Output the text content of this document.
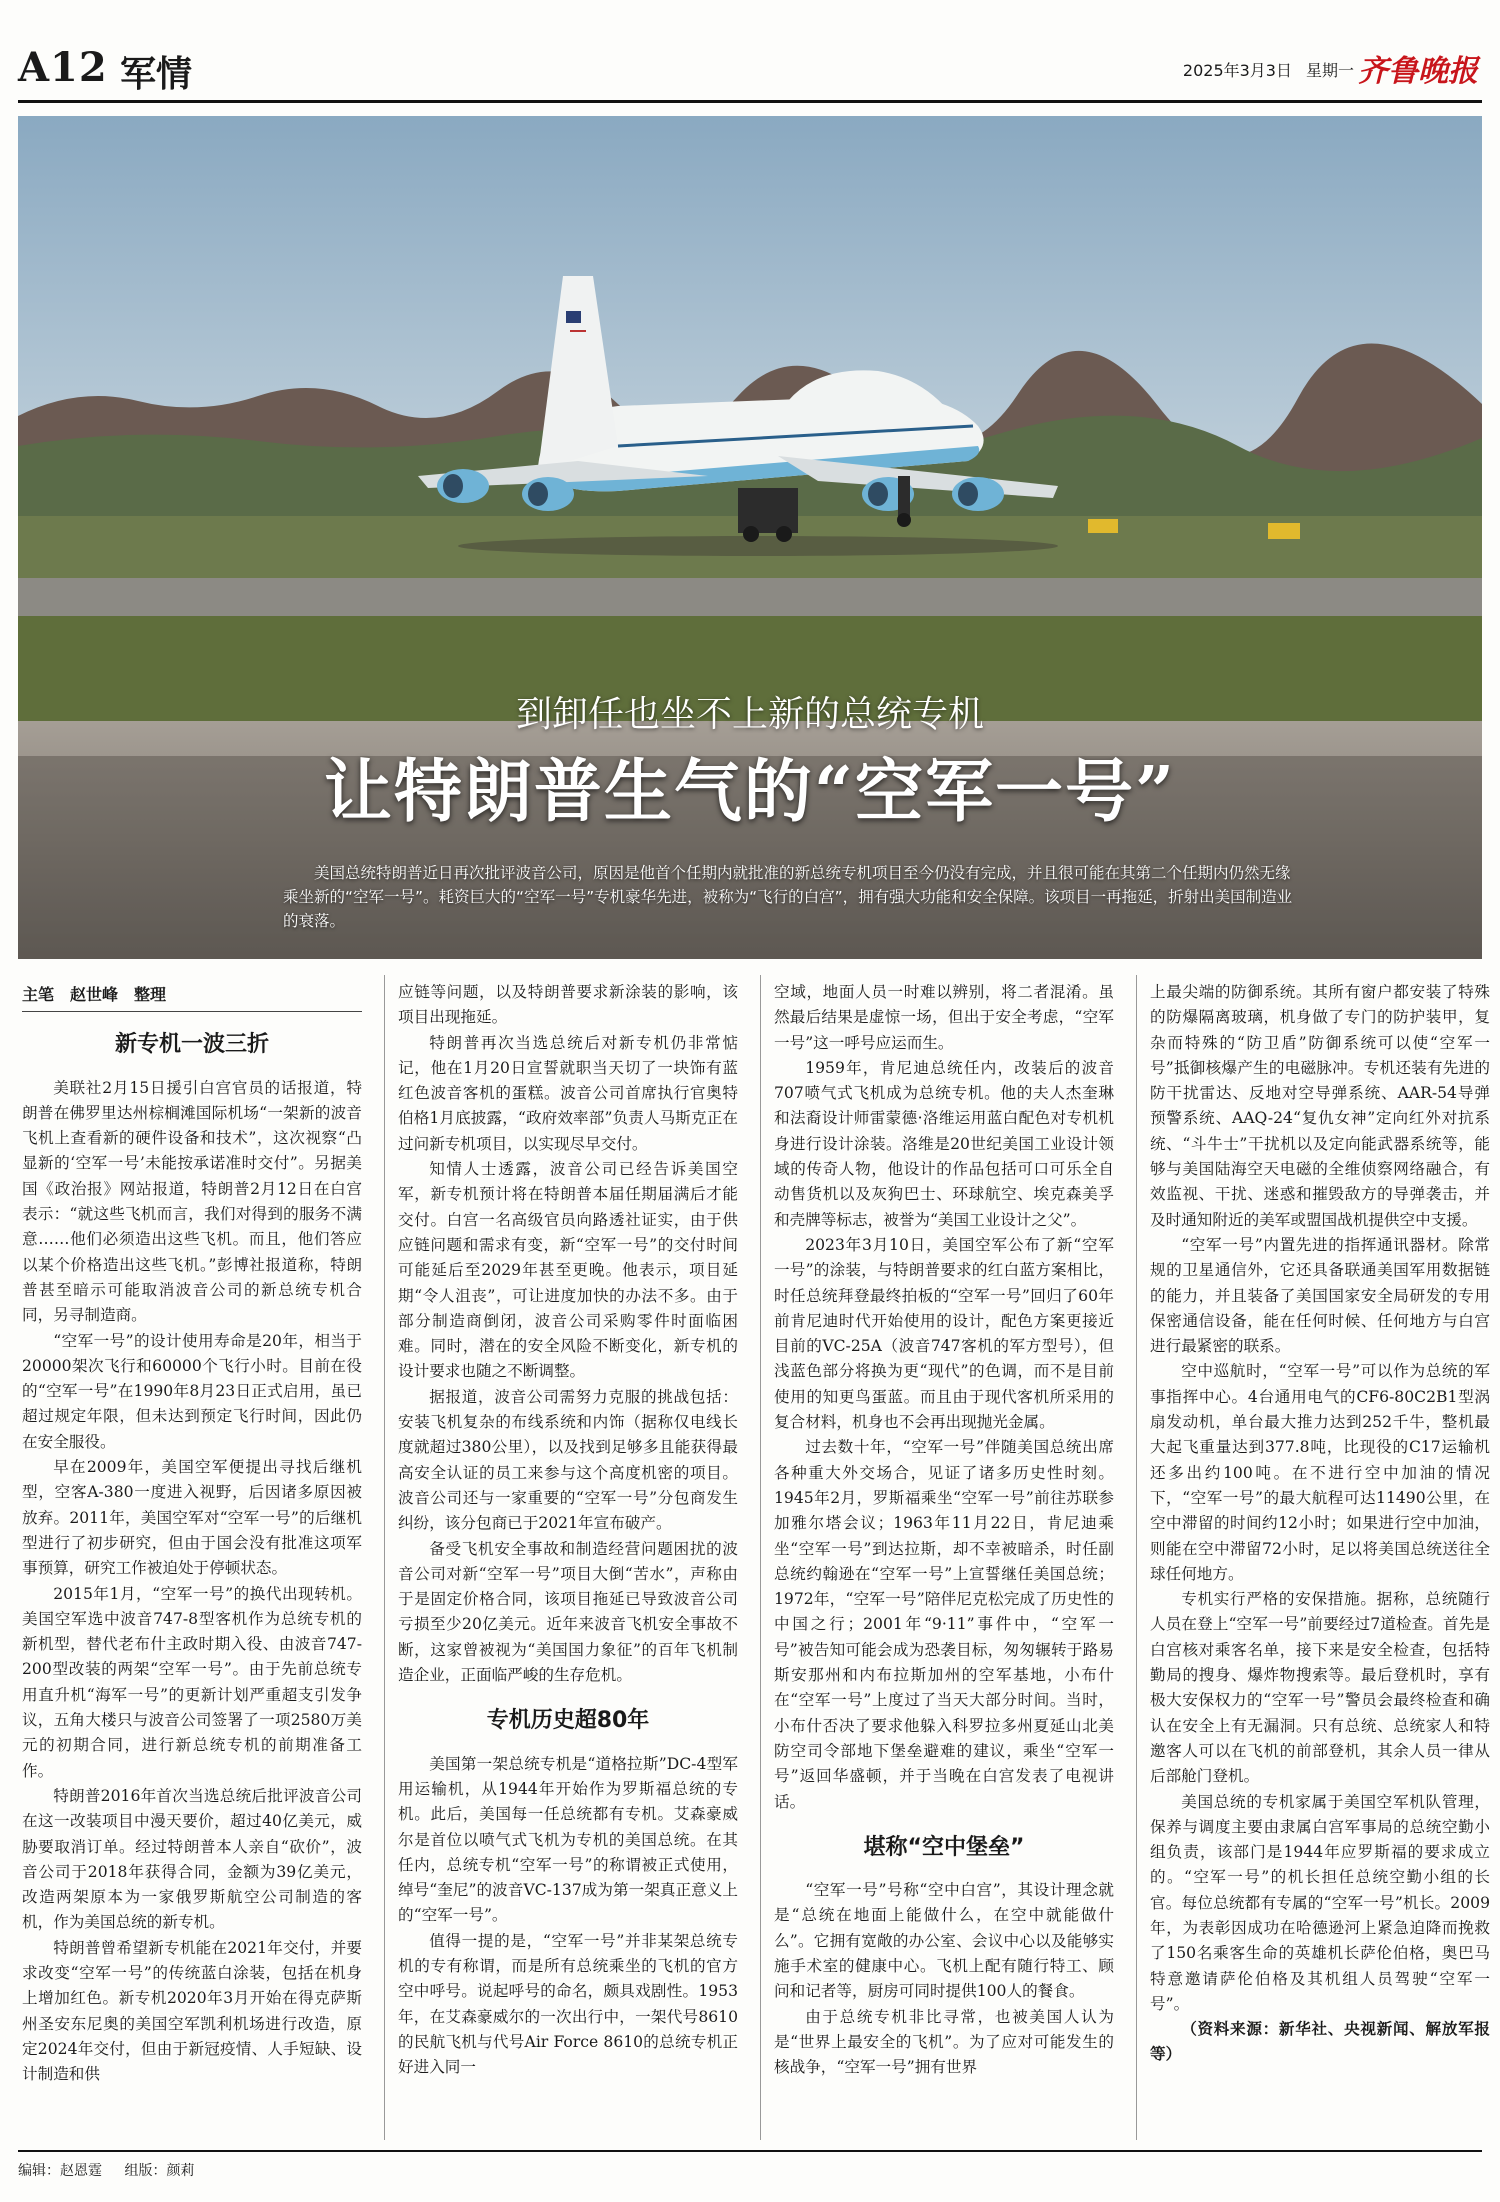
A12 军情	2025年3月3日 星期一 齐鲁晚报
到卸任也坐不上新的总统专机
让特朗普生气的“空军一号”
美国总统特朗普近日再次批评波音公司，原因是他首个任期内就批准的新总统专机项目至今仍没有完成，并且很可能在其第二个任期内仍然无缘乘坐新的“空军一号”。耗资巨大的“空军一号”专机豪华先进，被称为“飞行的白宫”，拥有强大功能和安全保障。该项目一再拖延，折射出美国制造业的衰落。
主笔　赵世峰　整理
新专机一波三折

美联社2月15日援引白宫官员的话报道，特朗普在佛罗里达州棕榈滩国际机场“一架新的波音飞机上查看新的硬件设备和技术”，这次视察“凸显新的‘空军一号’未能按承诺准时交付”。另据美国《政治报》网站报道，特朗普2月12日在白宫表示：“就这些飞机而言，我们对得到的服务不满意……他们必须造出这些飞机。而且，他们答应以某个价格造出这些飞机。”彭博社报道称，特朗普甚至暗示可能取消波音公司的新总统专机合同，另寻制造商。

“空军一号”的设计使用寿命是20年，相当于20000架次飞行和60000个飞行小时。目前在役的“空军一号”在1990年8月23日正式启用，虽已超过规定年限，但未达到预定飞行时间，因此仍在安全服役。

早在2009年，美国空军便提出寻找后继机型，空客A-380一度进入视野，后因诸多原因被放弃。2011年，美国空军对“空军一号”的后继机型进行了初步研究，但由于国会没有批准这项军事预算，研究工作被迫处于停顿状态。

2015年1月，“空军一号”的换代出现转机。美国空军选中波音747-8型客机作为总统专机的新机型，替代老布什主政时期入役、由波音747-200型改装的两架“空军一号”。由于先前总统专用直升机“海军一号”的更新计划严重超支引发争议，五角大楼只与波音公司签署了一项2580万美元的初期合同，进行新总统专机的前期准备工作。

特朗普2016年首次当选总统后批评波音公司在这一改装项目中漫天要价，超过40亿美元，威胁要取消订单。经过特朗普本人亲自“砍价”，波音公司于2018年获得合同，金额为39亿美元，改造两架原本为一家俄罗斯航空公司制造的客机，作为美国总统的新专机。

特朗普曾希望新专机能在2021年交付，并要求改变“空军一号”的传统蓝白涂装，包括在机身上增加红色。新专机2020年3月开始在得克萨斯州圣安东尼奥的美国空军凯利机场进行改造，原定2024年交付，但由于新冠疫情、人手短缺、设计制造和供

应链等问题，以及特朗普要求新涂装的影响，该项目出现拖延。

特朗普再次当选总统后对新专机仍非常惦记，他在1月20日宣誓就职当天切了一块饰有蓝红色波音客机的蛋糕。波音公司首席执行官奥特伯格1月底披露，“政府效率部”负责人马斯克正在过问新专机项目，以实现尽早交付。

知情人士透露，波音公司已经告诉美国空军，新专机预计将在特朗普本届任期届满后才能交付。白宫一名高级官员向路透社证实，由于供应链问题和需求有变，新“空军一号”的交付时间可能延后至2029年甚至更晚。他表示，项目延期“令人沮丧”，可让进度加快的办法不多。由于部分制造商倒闭，波音公司采购零件时面临困难。同时，潜在的安全风险不断变化，新专机的设计要求也随之不断调整。

据报道，波音公司需努力克服的挑战包括：安装飞机复杂的布线系统和内饰（据称仅电线长度就超过380公里），以及找到足够多且能获得最高安全认证的员工来参与这个高度机密的项目。波音公司还与一家重要的“空军一号”分包商发生纠纷，该分包商已于2021年宣布破产。

备受飞机安全事故和制造经营问题困扰的波音公司对新“空军一号”项目大倒“苦水”，声称由于是固定价格合同，该项目拖延已导致波音公司亏损至少20亿美元。近年来波音飞机安全事故不断，这家曾被视为“美国国力象征”的百年飞机制造企业，正面临严峻的生存危机。

专机历史超80年

美国第一架总统专机是“道格拉斯”DC-4型军用运输机，从1944年开始作为罗斯福总统的专机。此后，美国每一任总统都有专机。艾森豪威尔是首位以喷气式飞机为专机的美国总统。在其任内，总统专机“空军一号”的称谓被正式使用，绰号“奎尼”的波音VC-137成为第一架真正意义上的“空军一号”。

值得一提的是，“空军一号”并非某架总统专机的专有称谓，而是所有总统乘坐的飞机的官方空中呼号。说起呼号的命名，颇具戏剧性。1953年，在艾森豪威尔的一次出行中，一架代号8610的民航飞机与代号Air Force 8610的总统专机正好进入同一

空域，地面人员一时难以辨别，将二者混淆。虽然最后结果是虚惊一场，但出于安全考虑，“空军一号”这一呼号应运而生。

1959年，肯尼迪总统任内，改装后的波音707喷气式飞机成为总统专机。他的夫人杰奎琳和法裔设计师雷蒙德·洛维运用蓝白配色对专机机身进行设计涂装。洛维是20世纪美国工业设计领域的传奇人物，他设计的作品包括可口可乐全自动售货机以及灰狗巴士、环球航空、埃克森美孚和壳牌等标志，被誉为“美国工业设计之父”。

2023年3月10日，美国空军公布了新“空军一号”的涂装，与特朗普要求的红白蓝方案相比，时任总统拜登最终拍板的“空军一号”回归了60年前肯尼迪时代开始使用的设计，配色方案更接近目前的VC-25A（波音747客机的军方型号），但浅蓝色部分将换为更“现代”的色调，而不是目前使用的知更鸟蛋蓝。而且由于现代客机所采用的复合材料，机身也不会再出现抛光金属。

过去数十年，“空军一号”伴随美国总统出席各种重大外交场合，见证了诸多历史性时刻。1945年2月，罗斯福乘坐“空军一号”前往苏联参加雅尔塔会议；1963年11月22日，肯尼迪乘坐“空军一号”到达拉斯，却不幸被暗杀，时任副总统约翰逊在“空军一号”上宣誓继任美国总统；1972年，“空军一号”陪伴尼克松完成了历史性的中国之行；2001年“9·11”事件中，“空军一号”被告知可能会成为恐袭目标，匆匆辗转于路易斯安那州和内布拉斯加州的空军基地，小布什在“空军一号”上度过了当天大部分时间。当时，小布什否决了要求他躲入科罗拉多州夏延山北美防空司令部地下堡垒避难的建议，乘坐“空军一号”返回华盛顿，并于当晚在白宫发表了电视讲话。

堪称“空中堡垒”

“空军一号”号称“空中白宫”，其设计理念就是“总统在地面上能做什么，在空中就能做什么”。它拥有宽敞的办公室、会议中心以及能够实施手术室的健康中心。飞机上配有随行特工、顾问和记者等，厨房可同时提供100人的餐食。

由于总统专机非比寻常，也被美国人认为是“世界上最安全的飞机”。为了应对可能发生的核战争，“空军一号”拥有世界

上最尖端的防御系统。其所有窗户都安装了特殊的防爆隔离玻璃，机身做了专门的防护装甲，复杂而特殊的“防卫盾”防御系统可以使“空军一号”抵御核爆产生的电磁脉冲。专机还装有先进的防干扰雷达、反地对空导弹系统、AAR-54导弹预警系统、AAQ-24“复仇女神”定向红外对抗系统、“斗牛士”干扰机以及定向能武器系统等，能够与美国陆海空天电磁的全维侦察网络融合，有效监视、干扰、迷惑和摧毁敌方的导弹袭击，并及时通知附近的美军或盟国战机提供空中支援。

“空军一号”内置先进的指挥通讯器材。除常规的卫星通信外，它还具备联通美国军用数据链的能力，并且装备了美国国家安全局研发的专用保密通信设备，能在任何时候、任何地方与白宫进行最紧密的联系。

空中巡航时，“空军一号”可以作为总统的军事指挥中心。4台通用电气的CF6-80C2B1型涡扇发动机，单台最大推力达到252千牛，整机最大起飞重量达到377.8吨，比现役的C17运输机还多出约100吨。在不进行空中加油的情况下，“空军一号”的最大航程可达11490公里，在空中滞留的时间约12小时；如果进行空中加油，则能在空中滞留72小时，足以将美国总统送往全球任何地方。

专机实行严格的安保措施。据称，总统随行人员在登上“空军一号”前要经过7道检查。首先是白宫核对乘客名单，接下来是安全检查，包括特勤局的搜身、爆炸物搜索等。最后登机时，享有极大安保权力的“空军一号”警员会最终检查和确认在安全上有无漏洞。只有总统、总统家人和特邀客人可以在飞机的前部登机，其余人员一律从后部舱门登机。

美国总统的专机家属于美国空军机队管理，保养与调度主要由隶属白宫军事局的总统空勤小组负责，该部门是1944年应罗斯福的要求成立的。“空军一号”的机长担任总统空勤小组的长官。每位总统都有专属的“空军一号”机长。2009年，为表彰因成功在哈德逊河上紧急迫降而挽救了150名乘客生命的英雄机长萨伦伯格，奥巴马特意邀请萨伦伯格及其机组人员驾驶“空军一号”。

（资料来源：新华社、央视新闻、解放军报等）

编辑：赵恩霆 组版：颜莉
